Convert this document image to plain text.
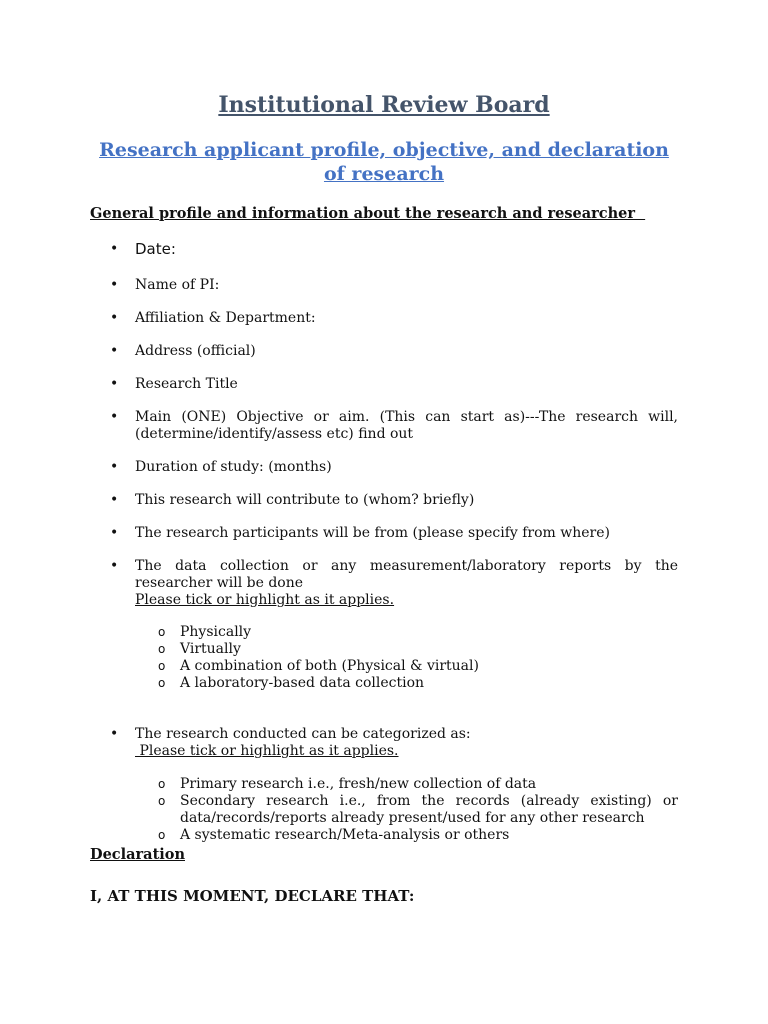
Institutional Review Board
Research applicant profile, objective, and declaration of research
General profile and information about the research and researcher
• Date:
• Name of PI:
• Affiliation & Department:
• Address (official)
• Research Title
• Main (ONE) Objective or aim. (This can start as)---The research will, (determine/identify/assess etc) find out
• Duration of study: (months)
• This research will contribute to (whom? briefly)
• The research participants will be from (please specify from where)
• The data collection or any measurement/laboratory reports by the researcher will be done
Please tick or highlight as it applies.
o Physically
o Virtually
o A combination of both (Physical & virtual)
o A laboratory-based data collection
• The research conducted can be categorized as:
Please tick or highlight as it applies.
o Primary research i.e., fresh/new collection of data
o Secondary research i.e., from the records (already existing) or data/records/reports already present/used for any other research
o A systematic research/Meta-analysis or others
Declaration

I, AT THIS MOMENT, DECLARE THAT:
